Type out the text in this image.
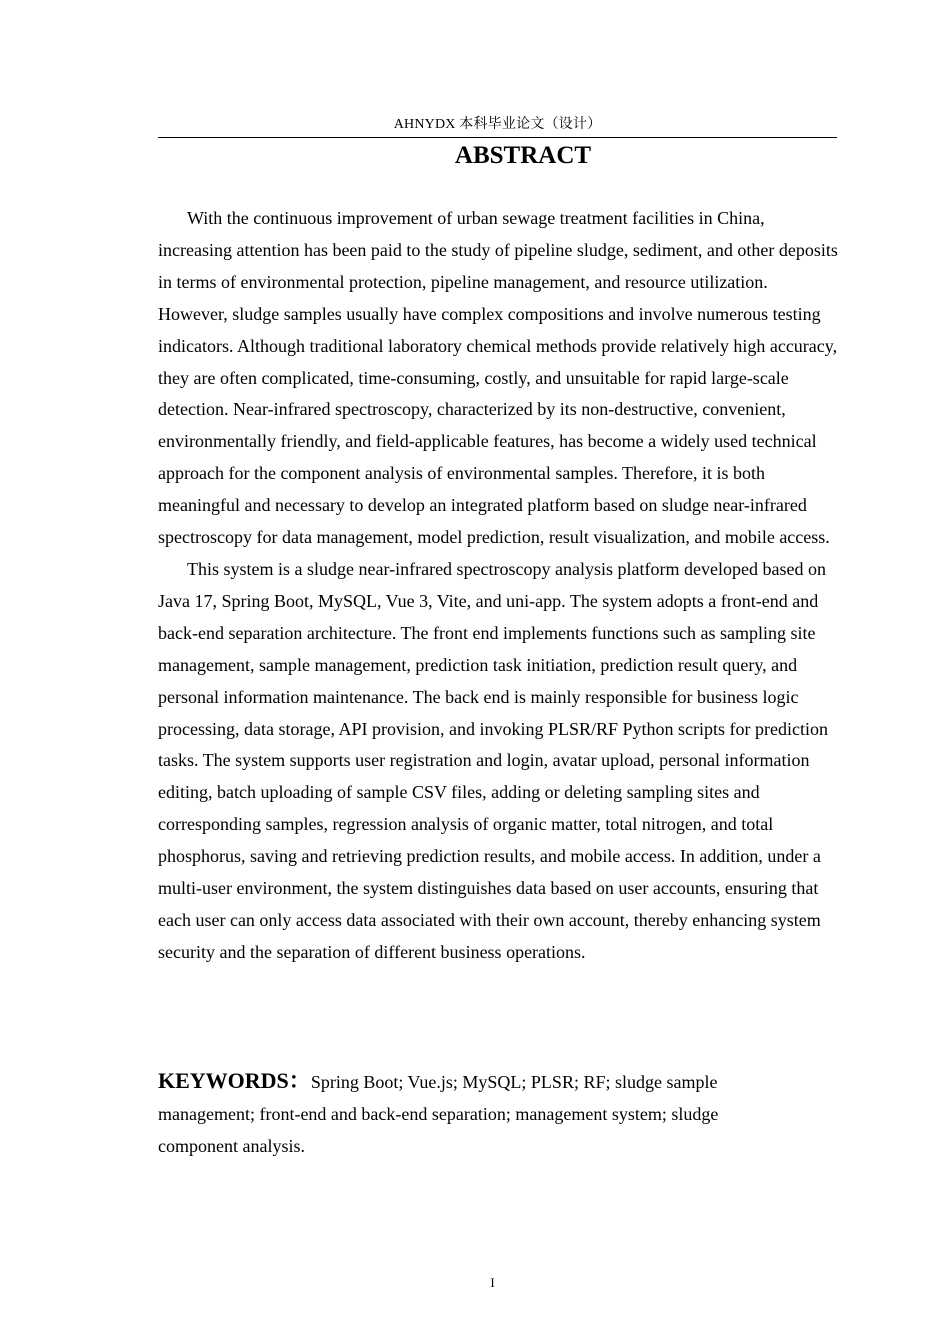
AHNYDX 本科毕业论文（设计）
ABSTRACT

With the continuous improvement of urban sewage treatment facilities in China, increasing attention has been paid to the study of pipeline sludge, sediment, and other deposits in terms of environmental protection, pipeline management, and resource utilization. However, sludge samples usually have complex compositions and involve numerous testing indicators. Although traditional laboratory chemical methods provide relatively high accuracy, they are often complicated, time-consuming, costly, and unsuitable for rapid large-scale detection. Near-infrared spectroscopy, characterized by its non-destructive, convenient, environmentally friendly, and field-applicable features, has become a widely used technical approach for the component analysis of environmental samples. Therefore, it is both meaningful and necessary to develop an integrated platform based on sludge near-infrared spectroscopy for data management, model prediction, result visualization, and mobile access.

This system is a sludge near-infrared spectroscopy analysis platform developed based on Java 17, Spring Boot, MySQL, Vue 3, Vite, and uni-app. The system adopts a front-end and back-end separation architecture. The front end implements functions such as sampling site management, sample management, prediction task initiation, prediction result query, and personal information maintenance. The back end is mainly responsible for business logic processing, data storage, API provision, and invoking PLSR/RF Python scripts for prediction tasks. The system supports user registration and login, avatar upload, personal information editing, batch uploading of sample CSV files, adding or deleting sampling sites and corresponding samples, regression analysis of organic matter, total nitrogen, and total phosphorus, saving and retrieving prediction results, and mobile access. In addition, under a multi-user environment, the system distinguishes data based on user accounts, ensuring that each user can only access data associated with their own account, thereby enhancing system security and the separation of different business operations.

KEYWORDS：Spring Boot; Vue.js; MySQL; PLSR; RF; sludge sample management; front-end and back-end separation; management system; sludge component analysis.
I
